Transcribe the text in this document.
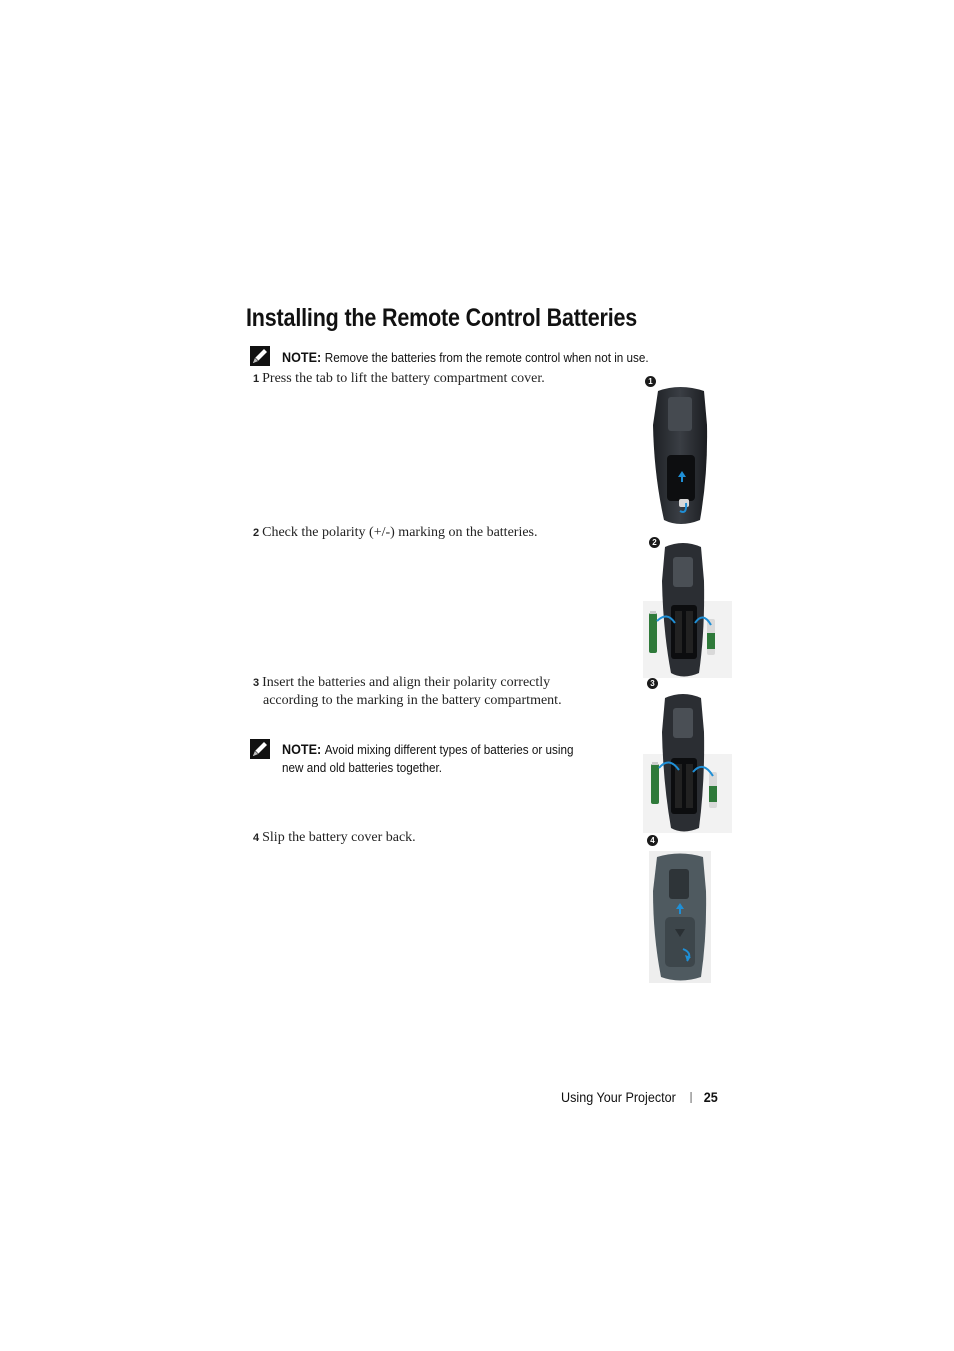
Installing the Remote Control Batteries
NOTE: Remove the batteries from the remote control when not in use.
1 Press the tab to lift the battery compartment cover.
2 Check the polarity (+/-) marking on the batteries.
3 Insert the batteries and align their polarity correctly
according to the marking in the battery compartment.
NOTE: Avoid mixing different types of batteries or using
new and old batteries together.
4 Slip the battery cover back.
1
2
3
4
Using Your Projector 25
